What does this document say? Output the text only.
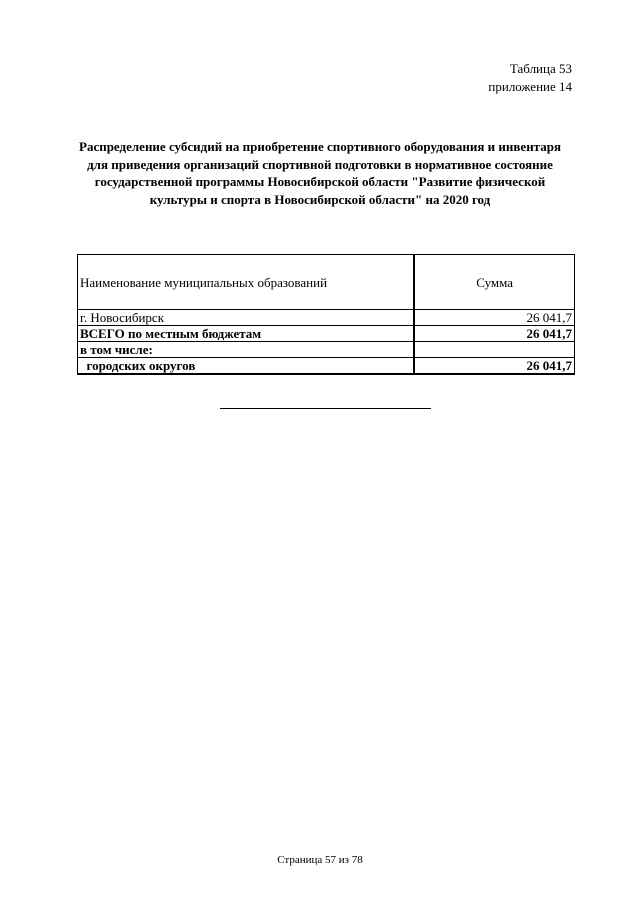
Таблица 53
приложение 14
Распределение субсидий на приобретение спортивного оборудования и инвентаря
для приведения организаций спортивной подготовки в нормативное состояние
государственной программы Новосибирской области "Развитие физической
культуры и спорта в Новосибирской области" на 2020 год
Наименование муниципальных образований	Сумма
г. Новосибирск	26 041,7
ВСЕГО по местным бюджетам	26 041,7
в том числе:	
городских округов	26 041,7
Страница 57 из 78
